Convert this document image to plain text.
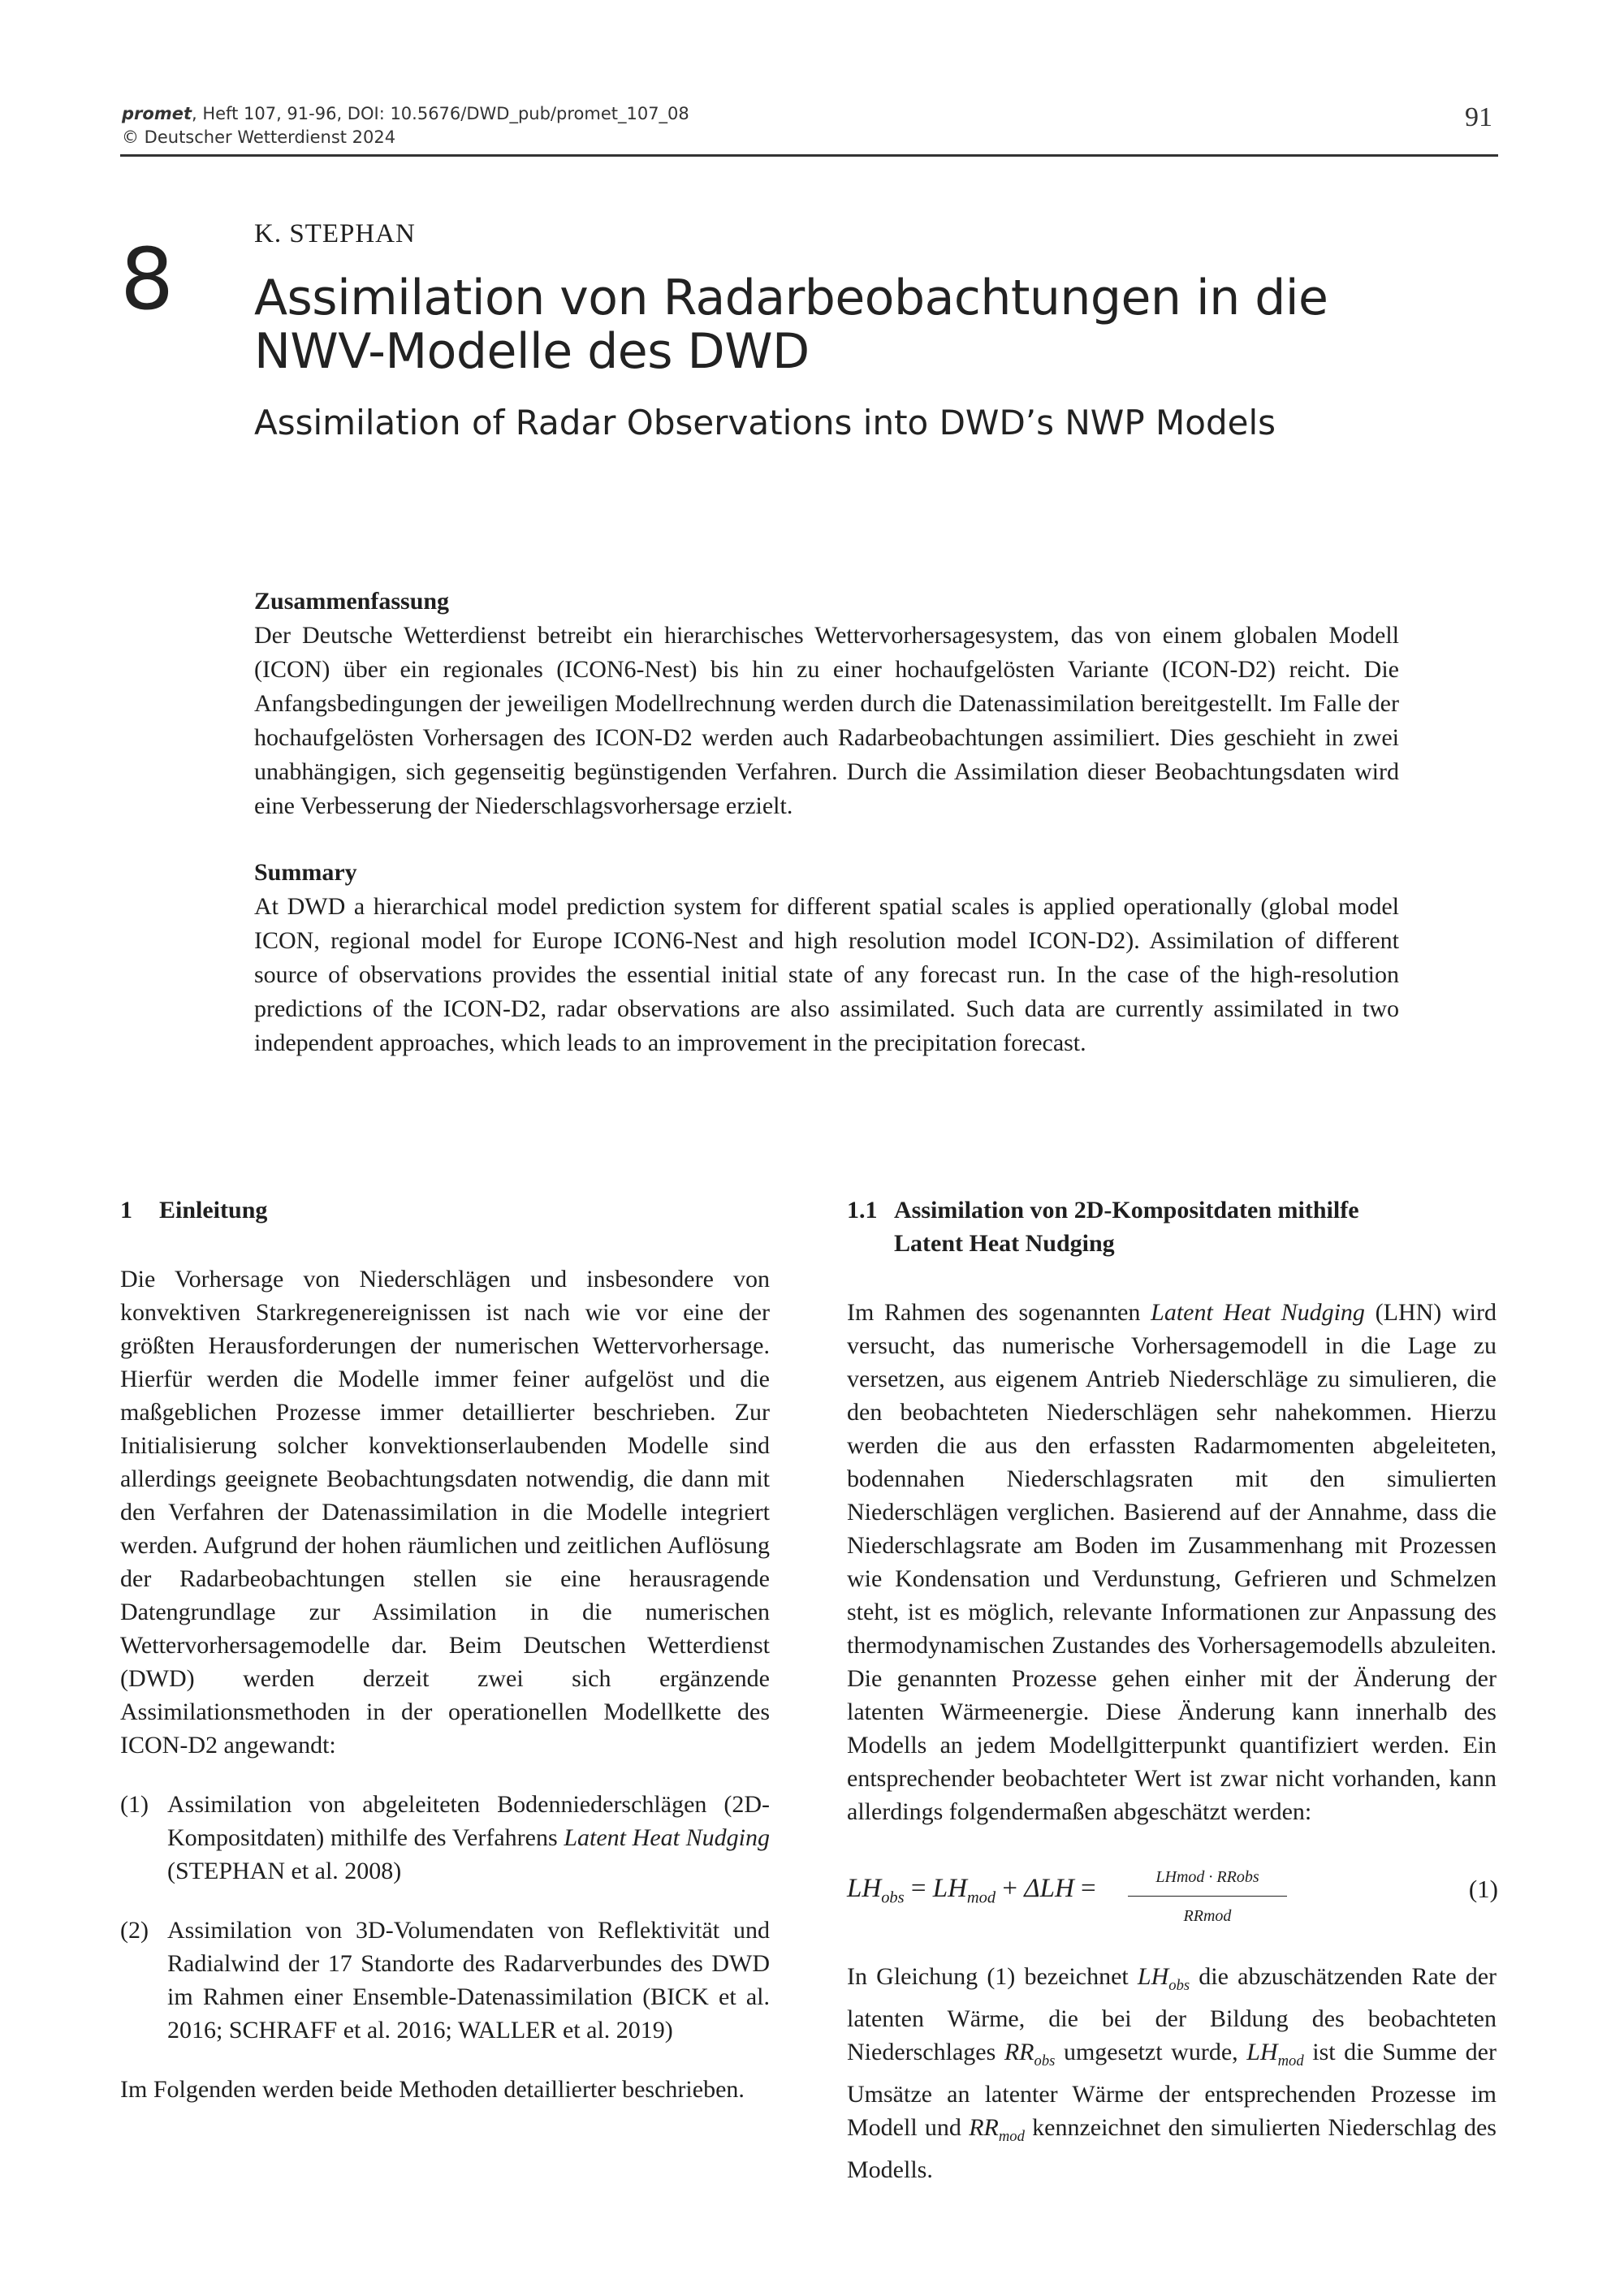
promet, Heft 107, 91-96, DOI: 10.5676/DWD_pub/promet_107_08
© Deutscher Wetterdienst 2024
91
8	K. STEPHAN
Assimilation von Radarbeobachtungen in die NWV-Modelle des DWD
Assimilation of Radar Observations into DWD’s NWP Models
Zusammenfassung
Der Deutsche Wetterdienst betreibt ein hierarchisches Wettervorhersagesystem, das von einem globalen Modell (ICON) über ein regionales (ICON6-Nest) bis hin zu einer hochaufgelösten Variante (ICON-D2) reicht. Die Anfangsbedingungen der jeweiligen Modellrechnung werden durch die Datenassimilation bereitgestellt. Im Falle der hochaufgelösten Vorhersagen des ICON-D2 werden auch Radarbeobachtungen assimiliert. Dies geschieht in zwei unabhängigen, sich gegenseitig begünstigenden Verfahren. Durch die Assimilation dieser Beobachtungsdaten wird eine Verbesserung der Niederschlagsvorhersage erzielt.
Summary
At DWD a hierarchical model prediction system for different spatial scales is applied operationally (global model ICON, regional model for Europe ICON6-Nest and high resolution model ICON-D2). Assimilation of different source of observations provides the essential initial state of any forecast run. In the case of the high-resolution predictions of the ICON-D2, radar observations are also assimilated. Such data are currently assimilated in two independent approaches, which leads to an improvement in the precipitation forecast.
1	Einleitung

Die Vorhersage von Niederschlägen und insbesondere von konvektiven Starkregenereignissen ist nach wie vor eine der größten Herausforderungen der numerischen Wettervorhersage. Hierfür werden die Modelle immer feiner aufgelöst und die maßgeblichen Prozesse immer detaillierter beschrieben. Zur Initialisierung solcher konvektionserlaubenden Modelle sind allerdings geeignete Beobachtungsdaten notwendig, die dann mit den Verfahren der Datenassimilation in die Modelle integriert werden. Aufgrund der hohen räumlichen und zeitlichen Auflösung der Radarbeobachtungen stellen sie eine herausragende Datengrundlage zur Assimilation in die numerischen Wettervorhersagemodelle dar. Beim Deutschen Wetterdienst (DWD) werden derzeit zwei sich ergänzende Assimilationsmethoden in der operationellen Modellkette des ICON-D2 angewandt:

(1) Assimilation von abgeleiteten Bodenniederschlägen (2D-Kompositdaten) mithilfe des Verfahrens Latent Heat Nudging (STEPHAN et al. 2008)
(2) Assimilation von 3D-Volumendaten von Reflektivität und Radialwind der 17 Standorte des Radarverbundes des DWD im Rahmen einer Ensemble-Datenassimilation (BICK et al. 2016; SCHRAFF et al. 2016; WALLER et al. 2019)

Im Folgenden werden beide Methoden detaillierter beschrieben.

1.1 Assimilation von 2D-Kompositdaten mithilfe
Latent Heat Nudging

Im Rahmen des sogenannten Latent Heat Nudging (LHN) wird versucht, das numerische Vorhersagemodell in die Lage zu versetzen, aus eigenem Antrieb Niederschläge zu simulieren, die den beobachteten Niederschlägen sehr nahekommen. Hierzu werden die aus den erfassten Radarmomenten abgeleiteten, bodennahen Niederschlagsraten mit den simulierten Niederschlägen verglichen. Basierend auf der Annahme, dass die Niederschlagsrate am Boden im Zusammenhang mit Prozessen wie Kondensation und Verdunstung, Gefrieren und Schmelzen steht, ist es möglich, relevante Informationen zur Anpassung des thermodynamischen Zustandes des Vorhersagemodells abzuleiten. Die genannten Prozesse gehen einher mit der Änderung der latenten Wärmeenergie. Diese Änderung kann innerhalb des Modells an jedem Modellgitterpunkt quantifiziert werden. Ein entsprechender beobachteter Wert ist zwar nicht vorhanden, kann allerdings folgendermaßen abgeschätzt werden:

$LH_{obs} = LH_{mod} + \Delta LH$ =	LHmod · RRobs
RRmod
(1)

In Gleichung (1) bezeichnet $LH_{obs}$ die abzuschätzenden Rate der latenten Wärme, die bei der Bildung des beobachteten Niederschlages $RR_{obs}$ umgesetzt wurde, $LH_{mod}$ ist die Summe der Umsätze an latenter Wärme der entsprechenden Prozesse im Modell und $RR_{mod}$ kennzeichnet den simulierten Niederschlag des Modells.
